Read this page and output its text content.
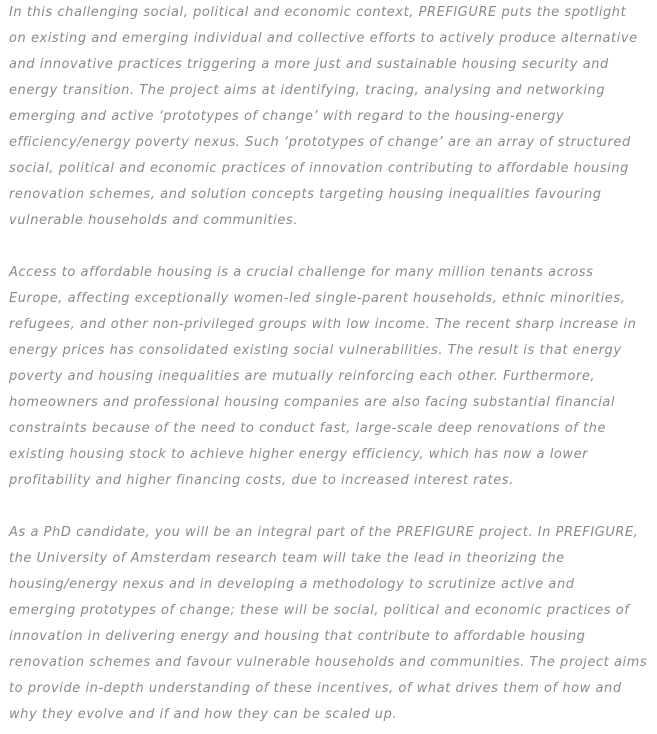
In this challenging social, political and economic context, PREFIGURE puts the spotlight
on existing and emerging individual and collective efforts to actively produce alternative
and innovative practices triggering a more just and sustainable housing security and
energy transition. The project aims at identifying, tracing, analysing and networking
emerging and active ‘prototypes of change’ with regard to the housing-energy
efficiency/energy poverty nexus. Such ‘prototypes of change’ are an array of structured
social, political and economic practices of innovation contributing to affordable housing
renovation schemes, and solution concepts targeting housing inequalities favouring
vulnerable households and communities.

Access to affordable housing is a crucial challenge for many million tenants across
Europe, affecting exceptionally women-led single-parent households, ethnic minorities,
refugees, and other non-privileged groups with low income. The recent sharp increase in
energy prices has consolidated existing social vulnerabilities. The result is that energy
poverty and housing inequalities are mutually reinforcing each other. Furthermore,
homeowners and professional housing companies are also facing substantial financial
constraints because of the need to conduct fast, large-scale deep renovations of the
existing housing stock to achieve higher energy efficiency, which has now a lower
profitability and higher financing costs, due to increased interest rates.

As a PhD candidate, you will be an integral part of the PREFIGURE project. In PREFIGURE,
the University of Amsterdam research team will take the lead in theorizing the
housing/energy nexus and in developing a methodology to scrutinize active and
emerging prototypes of change; these will be social, political and economic practices of
innovation in delivering energy and housing that contribute to affordable housing
renovation schemes and favour vulnerable households and communities. The project aims
to provide in-depth understanding of these incentives, of what drives them of how and
why they evolve and if and how they can be scaled up.
